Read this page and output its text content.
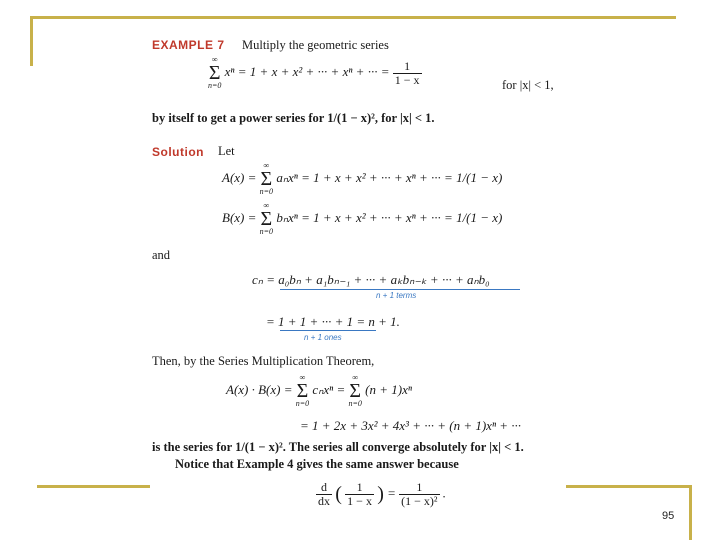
EXAMPLE 7 Multiply the geometric series
∞
Σ
n=0
xⁿ = 1 + x + x² + ··· + xⁿ + ··· = $\frac{1}{1 - x}$	for |x| < 1,
by itself to get a power series for 1/(1 − x)², for |x| < 1.
Solution Let
A(x) =
∞
Σ
n=0
aₙxⁿ = 1 + x + x² + ··· + xⁿ + ··· = 1/(1 − x)
B(x) =
∞
Σ
n=0
bₙxⁿ = 1 + x + x² + ··· + xⁿ + ··· = 1/(1 − x)
and
cₙ = a₀bₙ + a₁bₙ₋₁ + ··· + aₖbₙ₋ₖ + ··· + aₙb₀
n + 1 terms
= 1 + 1 + ··· + 1 = n + 1.
n + 1 ones
Then, by the Series Multiplication Theorem,
A(x) · B(x) =
∞
Σ
n=0
cₙxⁿ =
∞
Σ
n=0
(n + 1)xⁿ
= 1 + 2x + 3x² + 4x³ + ··· + (n + 1)xⁿ + ···
is the series for 1/(1 − x)². The series all converge absolutely for |x| < 1.
Notice that Example 4 gives the same answer because
$\frac{d}{dx}$ ( $\frac{1}{1 - x}$ ) = $\frac{1}{\text{(1 − x)²}}$ .
95
